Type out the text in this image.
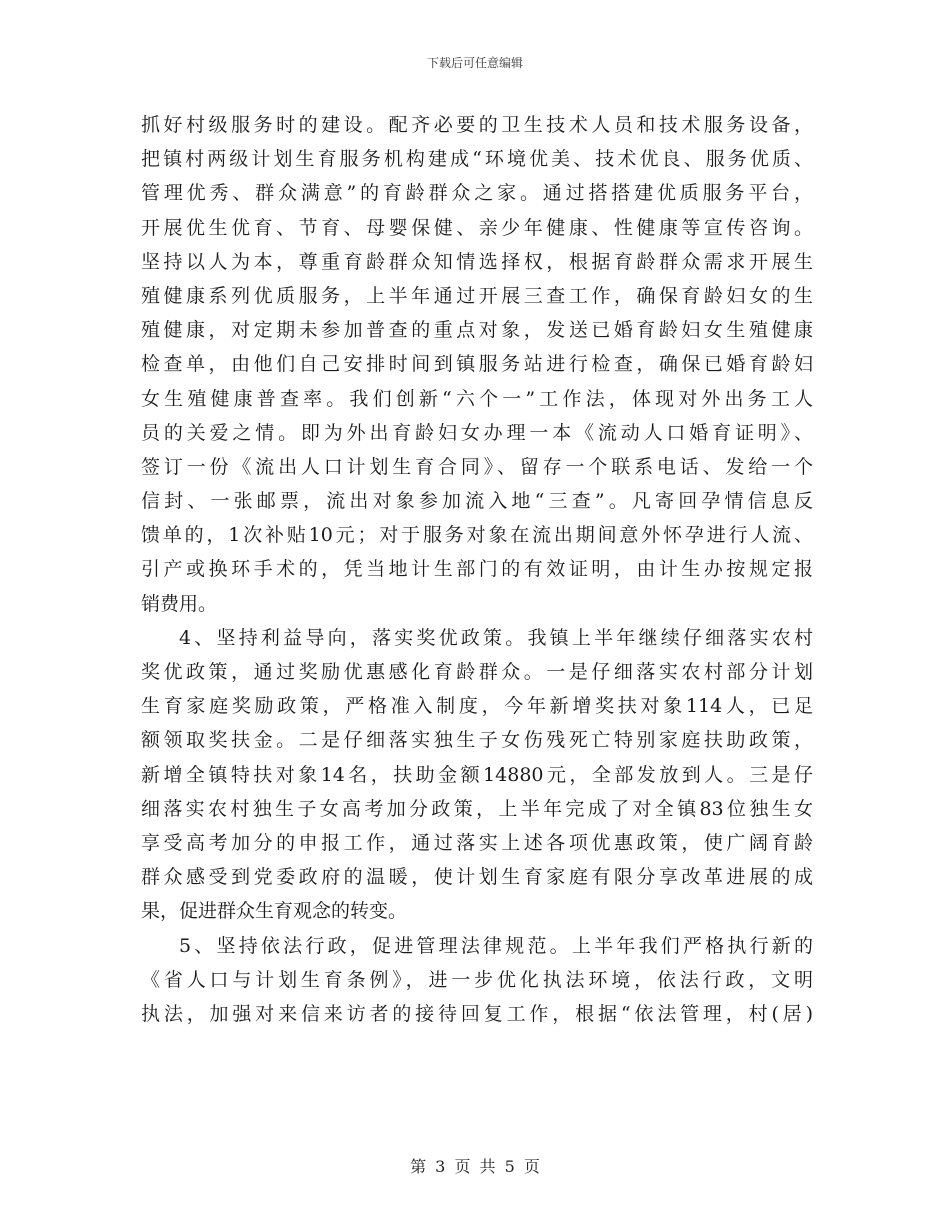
下载后可任意编辑
抓好村级服务时的建设。配齐必要的卫生技术人员和技术服务设备，
把镇村两级计划生育服务机构建成“环境优美、技术优良、服务优质、
管理优秀、群众满意”的育龄群众之家。通过搭搭建优质服务平台，
开展优生优育、节育、母婴保健、亲少年健康、性健康等宣传咨询。
坚持以人为本，尊重育龄群众知情选择权，根据育龄群众需求开展生
殖健康系列优质服务，上半年通过开展三查工作，确保育龄妇女的生
殖健康，对定期未参加普查的重点对象，发送已婚育龄妇女生殖健康
检查单，由他们自己安排时间到镇服务站进行检查，确保已婚育龄妇
女生殖健康普查率。我们创新“六个一”工作法，体现对外出务工人
员的关爱之情。即为外出育龄妇女办理一本《流动人口婚育证明》、
签订一份《流出人口计划生育合同》、留存一个联系电话、发给一个
信封、一张邮票，流出对象参加流入地“三查”。凡寄回孕情信息反
馈单的，1次补贴10元；对于服务对象在流出期间意外怀孕进行人流、
引产或换环手术的，凭当地计生部门的有效证明，由计生办按规定报
销费用。
4、坚持利益导向，落实奖优政策。我镇上半年继续仔细落实农村
奖优政策，通过奖励优惠感化育龄群众。一是仔细落实农村部分计划
生育家庭奖励政策，严格准入制度，今年新增奖扶对象114人，已足
额领取奖扶金。二是仔细落实独生子女伤残死亡特别家庭扶助政策，
新增全镇特扶对象14名，扶助金额14880元，全部发放到人。三是仔
细落实农村独生子女高考加分政策，上半年完成了对全镇83位独生女
享受高考加分的申报工作，通过落实上述各项优惠政策，使广阔育龄
群众感受到党委政府的温暖，使计划生育家庭有限分享改革进展的成
果，促进群众生育观念的转变。
5、坚持依法行政，促进管理法律规范。上半年我们严格执行新的
《省人口与计划生育条例》，进一步优化执法环境，依法行政，文明
执法，加强对来信来访者的接待回复工作，根据“依法管理，村(居)
第 3 页 共 5 页
